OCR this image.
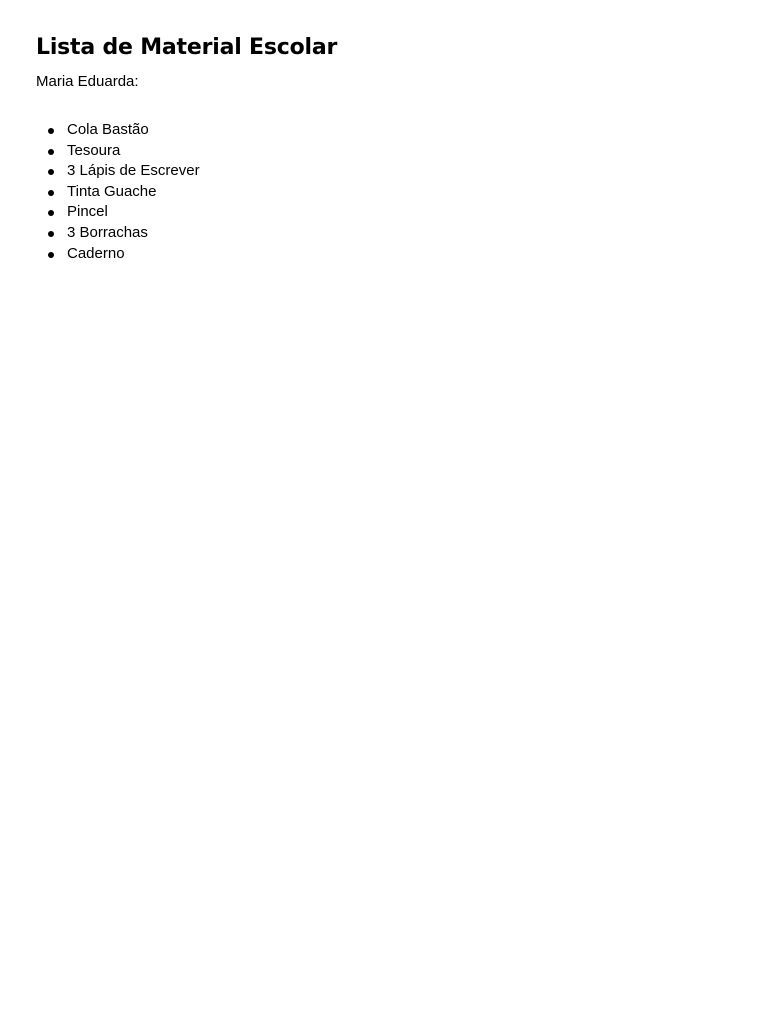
Lista de Material Escolar

Maria Eduarda:

Cola Bastão
Tesoura
3 Lápis de Escrever
Tinta Guache
Pincel
3 Borrachas
Caderno
